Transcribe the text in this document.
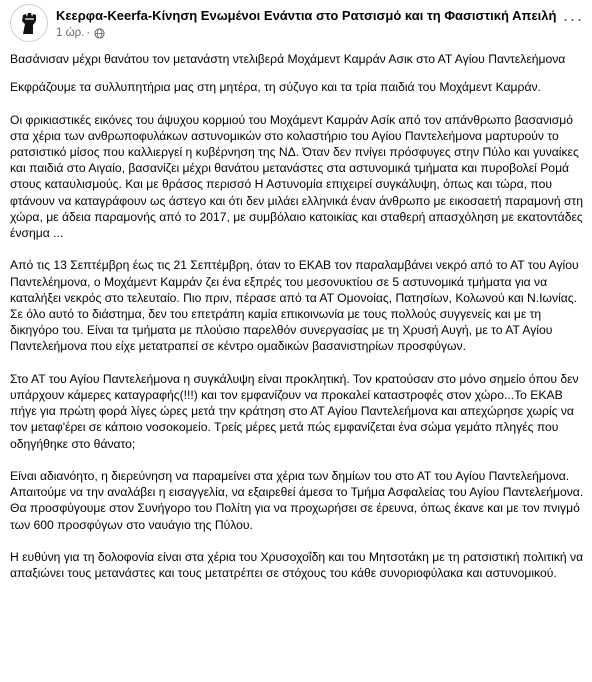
Κεερφα-Keerfa-Κίνηση Ενωμένοι Ενάντια στο Ρατσισμό και τη Φασιστική Απειλή
1 ώρ. ·
···

Βασάνισαν μέχρι θανάτου τον μετανάστη ντελιβερά Μοχάμεντ Καμράν Ασικ στο ΑΤ Αγίου Παντελεήμονα

Εκφράζουμε τα συλλυπητήρια μας στη μητέρα, τη σύζυγο και τα τρία παιδιά του Μοχάμεντ Καμράν.

Οι φρικιαστικές εικόνες του άψυχου κορμιού του Μοχάμεντ Καμράν Ασίκ από τον απάνθρωπο βασανισμό στα χέρια των ανθρωποφυλάκων αστυνομικών στο κολαστήριο του Αγίου Παντελεήμονα μαρτυρούν το ρατσιστικό μίσος που καλλιεργεί η κυβέρνηση της ΝΔ. Όταν δεν πνίγει πρόσφυγες στην Πύλο και γυναίκες και παιδιά στο Αιγαίο, βασανίζει μέχρι θανάτου μετανάστες στα αστυνομικά τμήματα και πυροβολεί Ρομά στους καταυλισμούς. Και με θράσος περισσό Η Αστυνομία επιχειρεί συγκάλυψη, όπως και τώρα, που φτάνουν να καταγράφουν ως άστεγο και ότι δεν μιλάει ελληνικά έναν άνθρωπο με εικοσαετή παραμονή στη χώρα, με άδεια παραμονής από το 2017, με συμβόλαιο κατοικίας και σταθερή απασχόληση με εκατοντάδες ένσημα ...

Από τις 13 Σεπτέμβρη έως τις 21 Σεπτέμβρη, όταν το ΕΚΑΒ τον παραλαμβάνει νεκρό από το ΑΤ του Αγίου Παντελέημονα, ο Μοχάμεντ Καμράν ζει ένα εξπρές του μεσονυκτίου σε 5 αστυνομικά τμήματα για να καταλήξει νεκρός στο τελευταίο. Πιο πριν, πέρασε από τα ΑΤ Ομονοίας, Πατησίων, Κολωνού και Ν.Ιωνίας. Σε όλο αυτό το διάστημα, δεν του επετράπη καμία επικοινωνία με τους πολλούς συγγενείς και με τη δικηγόρο του. Είναι τα τμήματα με πλούσιο παρελθόν συνεργασίας με τη Χρυσή Αυγή, με το ΑΤ Αγίου Παντελεήμονα που είχε μετατραπεί σε κέντρο ομαδικών βασανιστηρίων προσφύγων.

Στο ΑΤ του Αγίου Παντελεήμονα η συγκάλυψη είναι προκλητική. Τον κρατούσαν στο μόνο σημείο όπου δεν υπάρχουν κάμερες καταγραφής(!!!) και τον εμφανίζουν να προκαλεί καταστροφές στον χώρο...Το ΕΚΑΒ πήγε για πρώτη φορά λίγες ώρες μετά την κράτηση στο ΑΤ Αγίου Παντελεήμονα και απεχώρησε χωρίς να τον μεταφ'έρει σε κάποιο νοσοκομείο. Τρείς μέρες μετά πώς εμφανίζεται ένα σώμα γεμάτο πληγές που οδηγήθηκε στο θάνατο;

Είναι αδιανόητο, η διερεύνηση να παραμείνει στα χέρια των δημίων του στο ΑΤ του Αγίου Παντελεήμονα. Απαιτούμε να την αναλάβει η εισαγγελία, να εξαιρεθεί άμεσα το Τμήμα Ασφαλείας του Αγίου Παντελεήμονα. Θα προσφύγουμε στον Συνήγορο του Πολίτη για να προχωρήσει σε έρευνα, όπως έκανε και με τον πνιγμό των 600 προσφύγων στο ναυάγιο της Πύλου.

Η ευθύνη για τη δολοφονία είναι στα χέρια του Χρυσοχοΐδη και του Μητσοτάκη με τη ρατσιστική πολιτική να απαξιώνει τους μετανάστες και τους μετατρέπει σε στόχους του κάθε συνοριοφύλακα και αστυνομικού.
